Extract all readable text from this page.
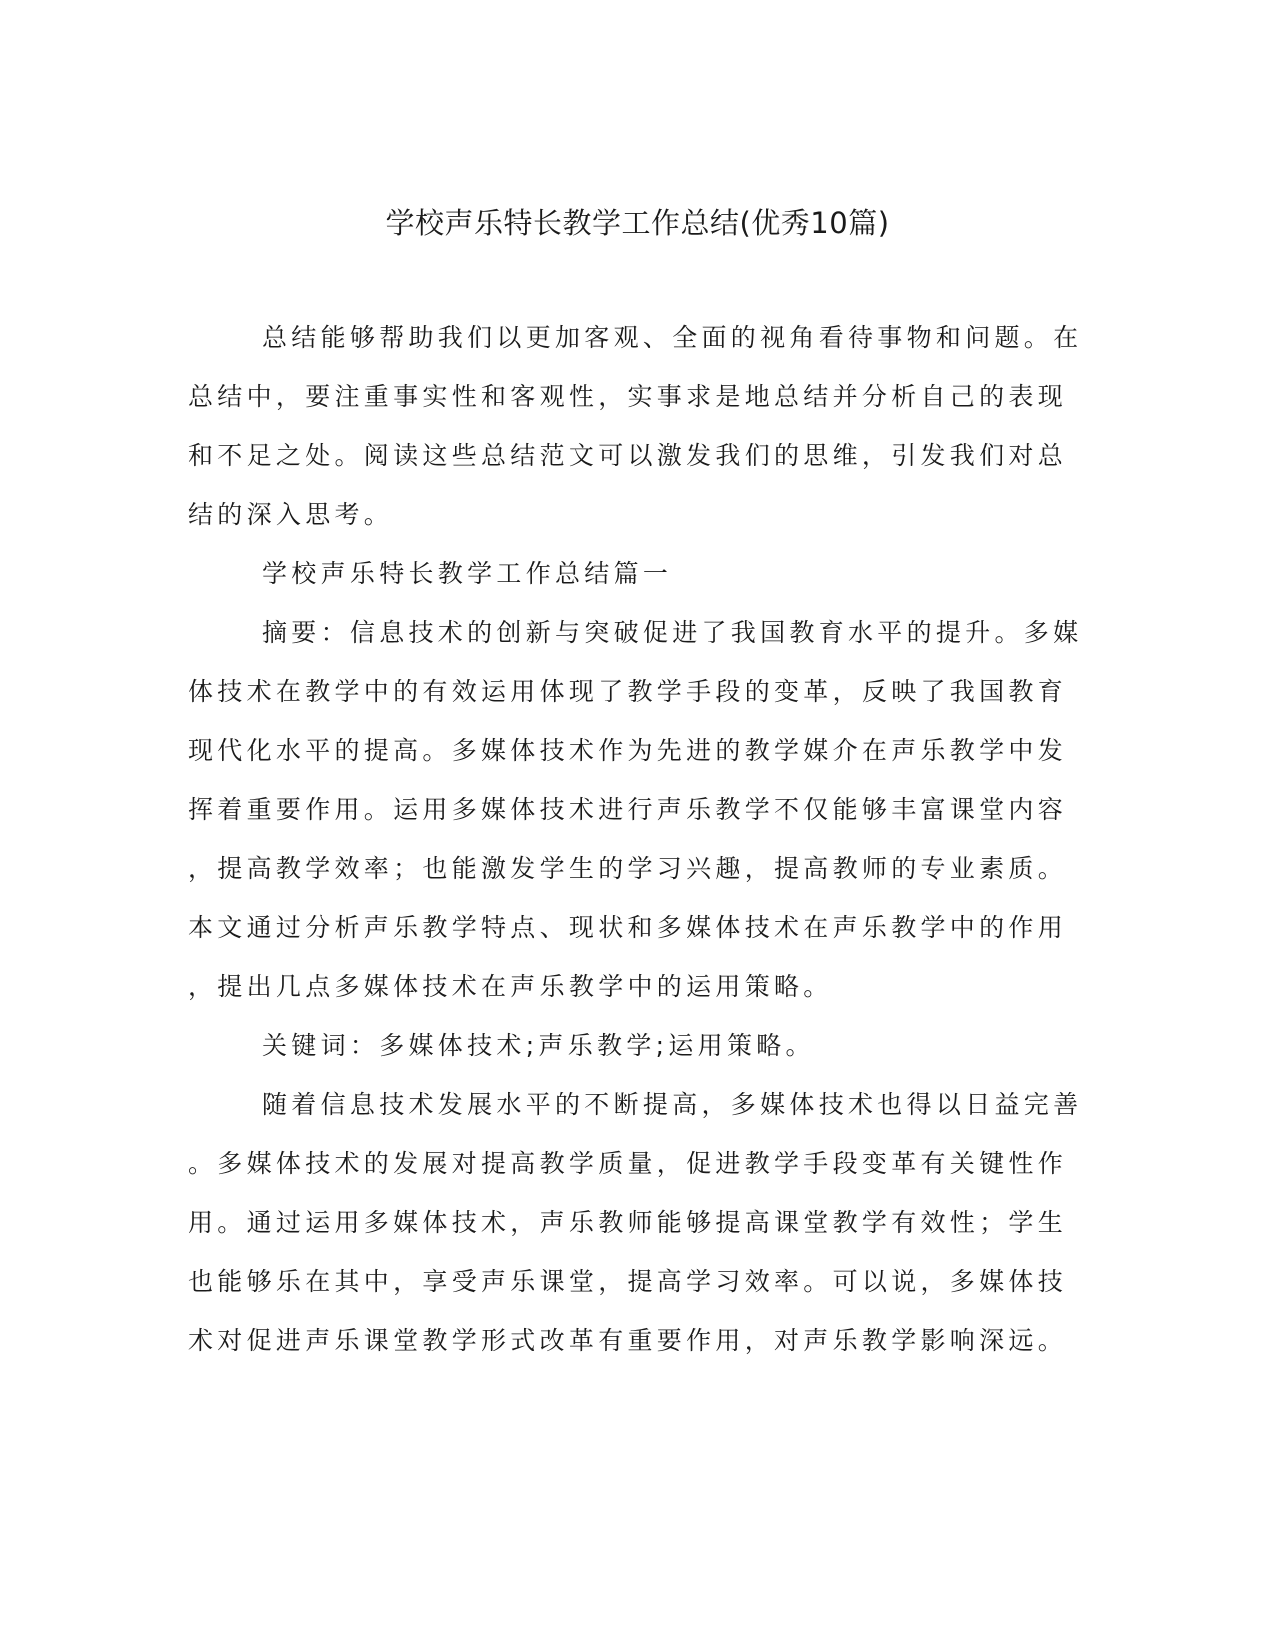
学校声乐特长教学工作总结(优秀10篇)
总结能够帮助我们以更加客观、全面的视角看待事物和问题。在
总结中，要注重事实性和客观性，实事求是地总结并分析自己的表现
和不足之处。阅读这些总结范文可以激发我们的思维，引发我们对总
结的深入思考。
学校声乐特长教学工作总结篇一
摘要：信息技术的创新与突破促进了我国教育水平的提升。多媒
体技术在教学中的有效运用体现了教学手段的变革，反映了我国教育
现代化水平的提高。多媒体技术作为先进的教学媒介在声乐教学中发
挥着重要作用。运用多媒体技术进行声乐教学不仅能够丰富课堂内容
，提高教学效率；也能激发学生的学习兴趣，提高教师的专业素质。
本文通过分析声乐教学特点、现状和多媒体技术在声乐教学中的作用
，提出几点多媒体技术在声乐教学中的运用策略。
关键词：多媒体技术;声乐教学;运用策略。
随着信息技术发展水平的不断提高，多媒体技术也得以日益完善
。多媒体技术的发展对提高教学质量，促进教学手段变革有关键性作
用。通过运用多媒体技术，声乐教师能够提高课堂教学有效性；学生
也能够乐在其中，享受声乐课堂，提高学习效率。可以说，多媒体技
术对促进声乐课堂教学形式改革有重要作用，对声乐教学影响深远。
